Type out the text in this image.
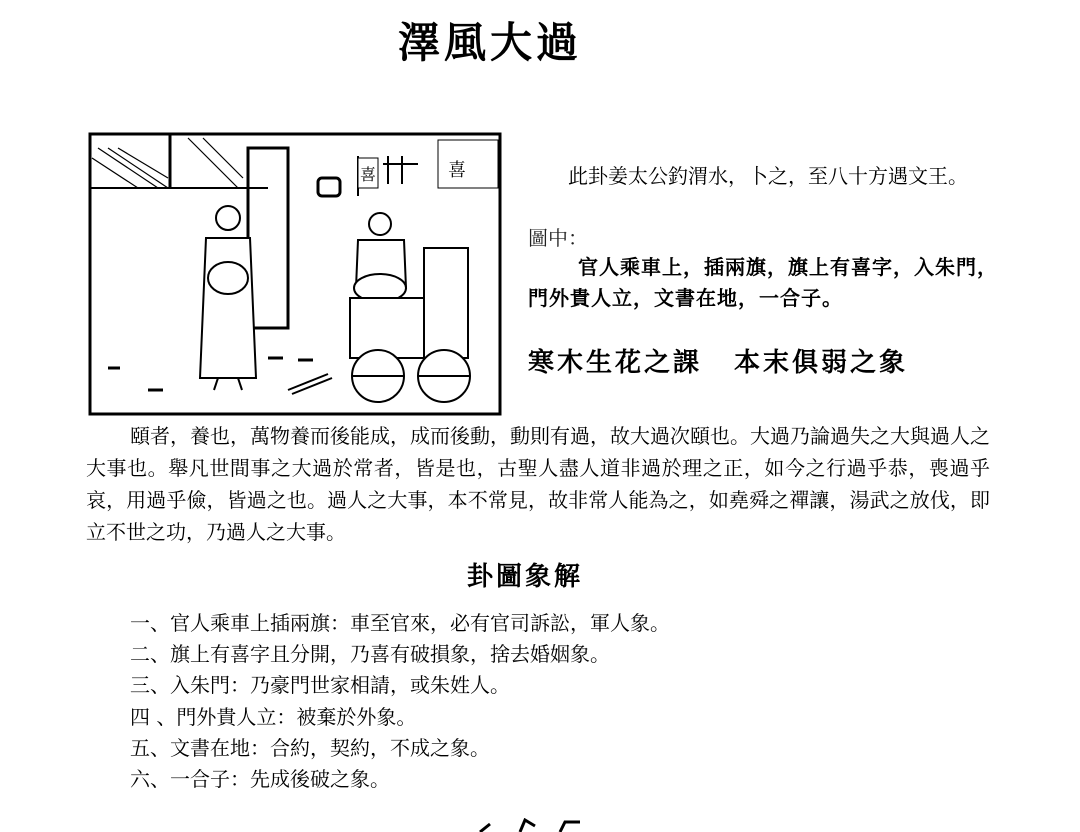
澤風大過
喜	喜	此卦姜太公釣渭水，卜之，至八十方遇文王。
圖中：
官人乘車上，插兩旗，旗上有喜字，入朱門，門外貴人立，文書在地，一合子。
寒木生花之課 本末俱弱之象
頤者，養也，萬物養而後能成，成而後動，動則有過，故大過次頤也。大過乃論過失之大與過人之大事也。舉凡世間事之大過於常者，皆是也，古聖人盡人道非過於理之正，如今之行過乎恭，喪過乎哀，用過乎儉，皆過之也。過人之大事，本不常見，故非常人能為之，如堯舜之禪讓，湯武之放伐，即立不世之功，乃過人之大事。
卦圖象解
一、官人乘車上插兩旗：車至官來，必有官司訴訟，軍人象。
二、旗上有喜字且分開，乃喜有破損象，捨去婚姻象。
三、入朱門：乃豪門世家相請，或朱姓人。
四 、門外貴人立：被棄於外象。
五、文書在地：合約，契約，不成之象。
六、一合子：先成後破之象。
